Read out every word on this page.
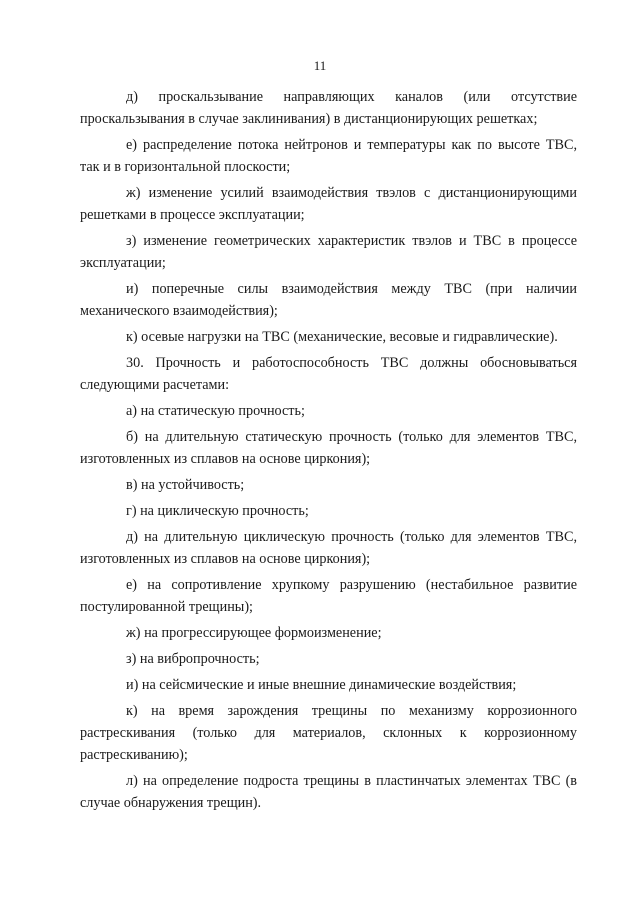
11

д) проскальзывание направляющих каналов (или отсутствие проскальзывания в случае заклинивания) в дистанционирующих решетках;

е) распределение потока нейтронов и температуры как по высоте ТВС, так и в горизонтальной плоскости;

ж) изменение усилий взаимодействия твэлов с дистанционирующими решетками в процессе эксплуатации;

з) изменение геометрических характеристик твэлов и ТВС в процессе эксплуатации;

и) поперечные силы взаимодействия между ТВС (при наличии механического взаимодействия);

к) осевые нагрузки на ТВС (механические, весовые и гидравлические).

30. Прочность и работоспособность ТВС должны обосновываться следующими расчетами:

а) на статическую прочность;

б) на длительную статическую прочность (только для элементов ТВС, изготовленных из сплавов на основе циркония);

в) на устойчивость;

г) на циклическую прочность;

д) на длительную циклическую прочность (только для элементов ТВС, изготовленных из сплавов на основе циркония);

е) на сопротивление хрупкому разрушению (нестабильное развитие постулированной трещины);

ж) на прогрессирующее формоизменение;

з) на вибропрочность;

и) на сейсмические и иные внешние динамические воздействия;

к) на время зарождения трещины по механизму коррозионного растрескивания (только для материалов, склонных к коррозионному растрескиванию);

л) на определение подроста трещины в пластинчатых элементах ТВС (в случае обнаружения трещин).
